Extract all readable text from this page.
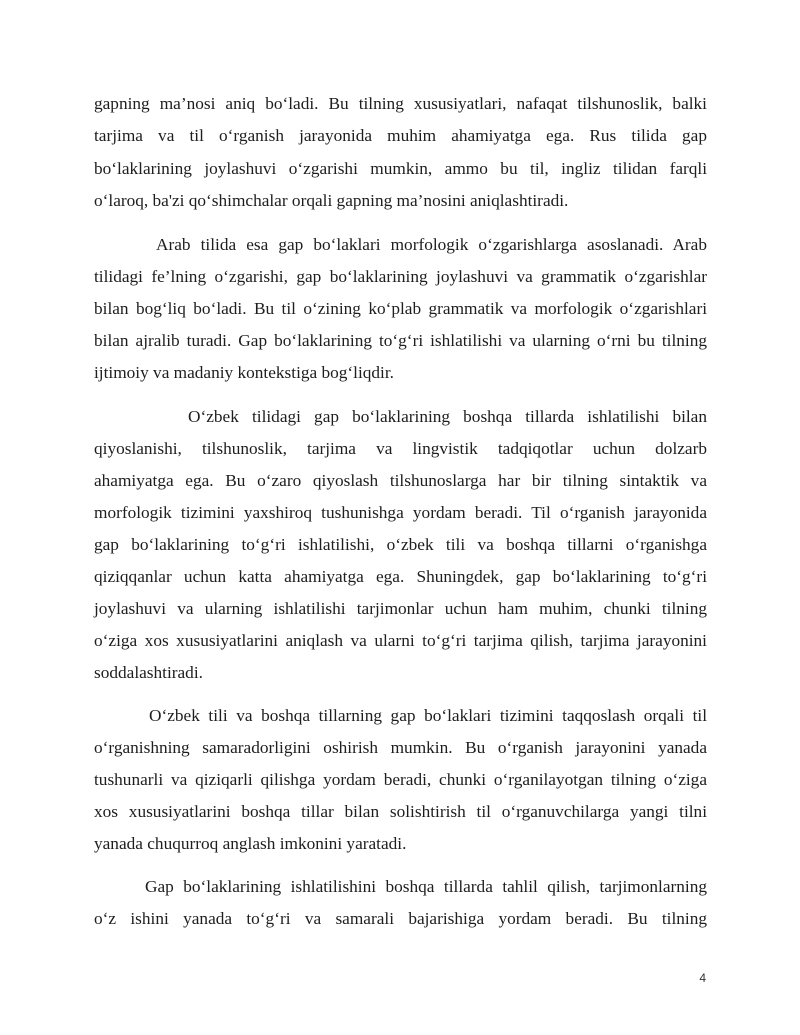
gapning ma’nosi aniq bo‘ladi. Bu tilning xususiyatlari, nafaqat tilshunoslik, balki
tarjima va til o‘rganish jarayonida muhim ahamiyatga ega. Rus tilida gap
bo‘laklarining joylashuvi o‘zgarishi mumkin, ammo bu til, ingliz tilidan farqli
o‘laroq, ba'zi qo‘shimchalar orqali gapning ma’nosini aniqlashtiradi.
Arab tilida esa gap bo‘laklari morfologik o‘zgarishlarga asoslanadi. Arab
tilidagi fe’lning o‘zgarishi, gap bo‘laklarining joylashuvi va grammatik o‘zgarishlar
bilan bog‘liq bo‘ladi. Bu til o‘zining ko‘plab grammatik va morfologik o‘zgarishlari
bilan ajralib turadi. Gap bo‘laklarining to‘g‘ri ishlatilishi va ularning o‘rni bu tilning
ijtimoiy va madaniy kontekstiga bog‘liqdir.
O‘zbek tilidagi gap bo‘laklarining boshqa tillarda ishlatilishi bilan
qiyoslanishi, tilshunoslik, tarjima va lingvistik tadqiqotlar uchun dolzarb
ahamiyatga ega. Bu o‘zaro qiyoslash tilshunoslarga har bir tilning sintaktik va
morfologik tizimini yaxshiroq tushunishga yordam beradi. Til o‘rganish jarayonida
gap bo‘laklarining to‘g‘ri ishlatilishi, o‘zbek tili va boshqa tillarni o‘rganishga
qiziqqanlar uchun katta ahamiyatga ega. Shuningdek, gap bo‘laklarining to‘g‘ri
joylashuvi va ularning ishlatilishi tarjimonlar uchun ham muhim, chunki tilning
o‘ziga xos xususiyatlarini aniqlash va ularni to‘g‘ri tarjima qilish, tarjima jarayonini
soddalashtiradi.
O‘zbek tili va boshqa tillarning gap bo‘laklari tizimini taqqoslash orqali til
o‘rganishning samaradorligini oshirish mumkin. Bu o‘rganish jarayonini yanada
tushunarli va qiziqarli qilishga yordam beradi, chunki o‘rganilayotgan tilning o‘ziga
xos xususiyatlarini boshqa tillar bilan solishtirish til o‘rganuvchilarga yangi tilni
yanada chuqurroq anglash imkonini yaratadi.
Gap bo‘laklarining ishlatilishini boshqa tillarda tahlil qilish, tarjimonlarning
o‘z ishini yanada to‘g‘ri va samarali bajarishiga yordam beradi. Bu tilning
4
